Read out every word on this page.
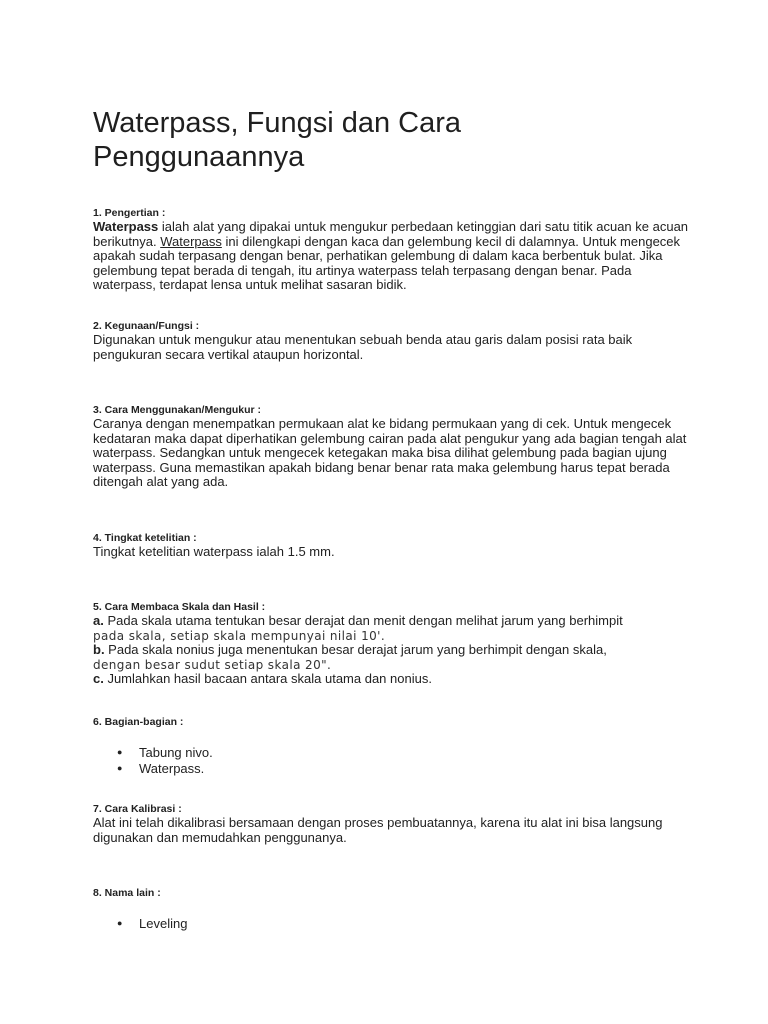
Waterpass, Fungsi dan Cara Penggunaannya
1. Pengertian :
Waterpass ialah alat yang dipakai untuk mengukur perbedaan ketinggian dari satu titik acuan ke acuan berikutnya. Waterpass ini dilengkapi dengan kaca dan gelembung kecil di dalamnya. Untuk mengecek apakah sudah terpasang dengan benar, perhatikan gelembung di dalam kaca berbentuk bulat. Jika gelembung tepat berada di tengah, itu artinya waterpass telah terpasang dengan benar. Pada waterpass, terdapat lensa untuk melihat sasaran bidik.
2. Kegunaan/Fungsi :
Digunakan untuk mengukur atau menentukan sebuah benda atau garis dalam posisi rata baik pengukuran secara vertikal ataupun horizontal.
3. Cara Menggunakan/Mengukur :
Caranya dengan menempatkan permukaan alat ke bidang permukaan yang di cek. Untuk mengecek kedataran maka dapat diperhatikan gelembung cairan pada alat pengukur yang ada bagian tengah alat waterpass. Sedangkan untuk mengecek ketegakan maka bisa dilihat gelembung pada bagian ujung waterpass. Guna memastikan apakah bidang benar benar rata maka gelembung harus tepat berada ditengah alat yang ada.
4. Tingkat ketelitian :
Tingkat ketelitian waterpass ialah 1.5 mm.
5. Cara Membaca Skala dan Hasil :
a. Pada skala utama tentukan besar derajat dan menit dengan melihat jarum yang berhimpit
pada skala, setiap skala mempunyai nilai 10'.
b. Pada skala nonius juga menentukan besar derajat jarum yang berhimpit dengan skala,
dengan besar sudut setiap skala 20".
c. Jumlahkan hasil bacaan antara skala utama dan nonius.
6. Bagian-bagian :
● Tabung nivo.
● Waterpass.
7. Cara Kalibrasi :
Alat ini telah dikalibrasi bersamaan dengan proses pembuatannya, karena itu alat ini bisa langsung digunakan dan memudahkan penggunanya.
8. Nama lain :
● Leveling
